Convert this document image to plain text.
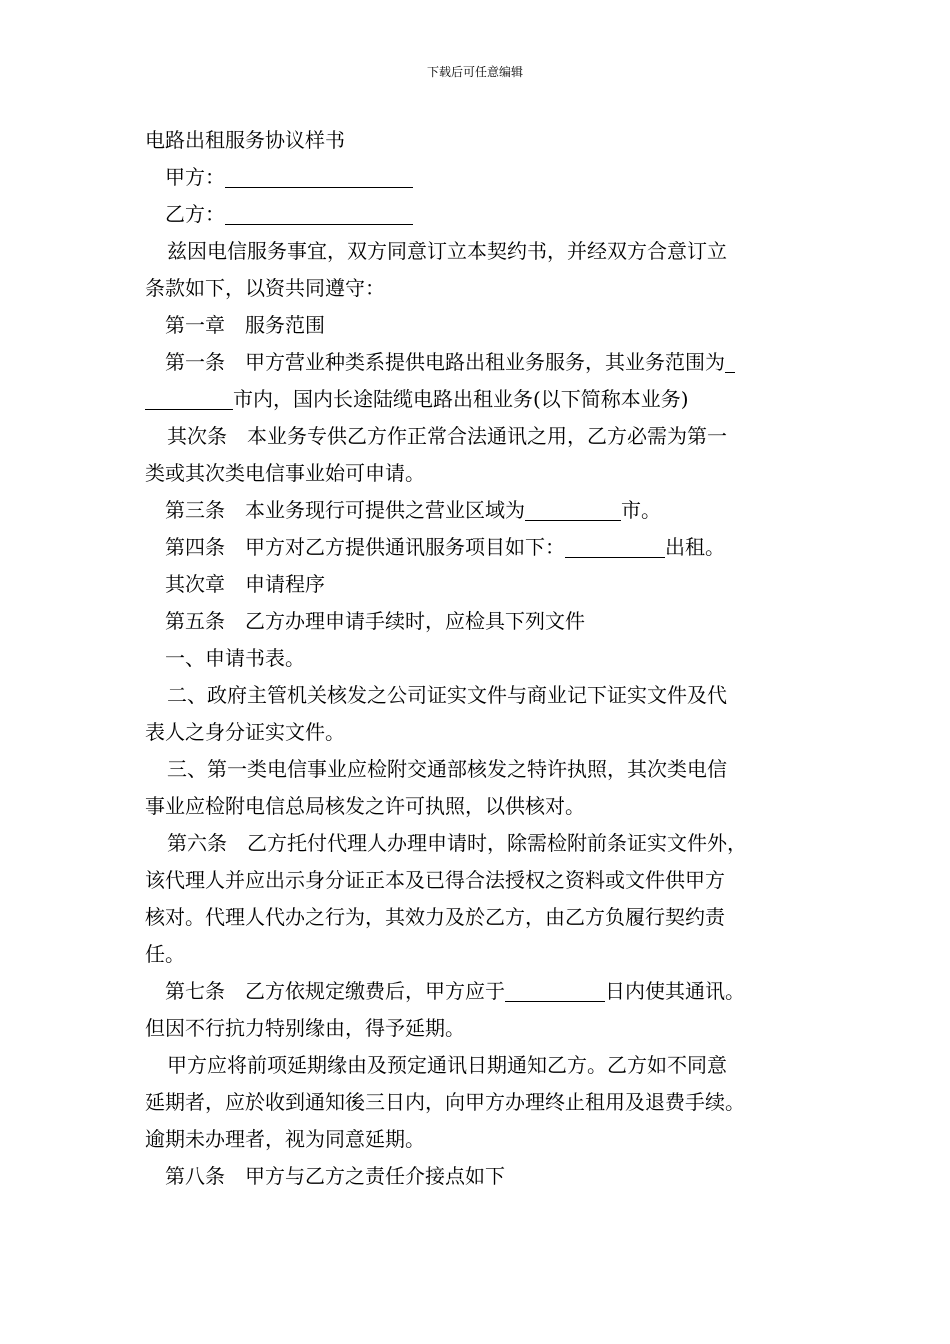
下载后可任意编辑
电路出租服务协议样书
甲方：
乙方：
兹因电信服务事宜，双方同意订立本契约书，并经双方合意订立
条款如下，以资共同遵守：
第一章　服务范围
第一条　甲方营业种类系提供电路出租业务服务，其业务范围为
市内，国内长途陆缆电路出租业务(以下简称本业务)
其次条　本业务专供乙方作正常合法通讯之用，乙方必需为第一
类或其次类电信事业始可申请。
第三条　本业务现行可提供之营业区域为	市。
第四条　甲方对乙方提供通讯服务项目如下：	出租。
其次章　申请程序
第五条　乙方办理申请手续时，应检具下列文件
一、申请书表。
二、政府主管机关核发之公司证实文件与商业记下证实文件及代
表人之身分证实文件。
三、第一类电信事业应检附交通部核发之特许执照，其次类电信
事业应检附电信总局核发之许可执照，以供核对。
第六条　乙方托付代理人办理申请时，除需检附前条证实文件外，
该代理人并应出示身分证正本及已得合法授权之资料或文件供甲方
核对。代理人代办之行为，其效力及於乙方，由乙方负履行契约责
任。
第七条　乙方依规定缴费后，甲方应于	日内使其通讯。
但因不行抗力特别缘由，得予延期。
甲方应将前项延期缘由及预定通讯日期通知乙方。乙方如不同意
延期者，应於收到通知後三日内，向甲方办理终止租用及退费手续。
逾期未办理者，视为同意延期。
第八条　甲方与乙方之责任介接点如下
